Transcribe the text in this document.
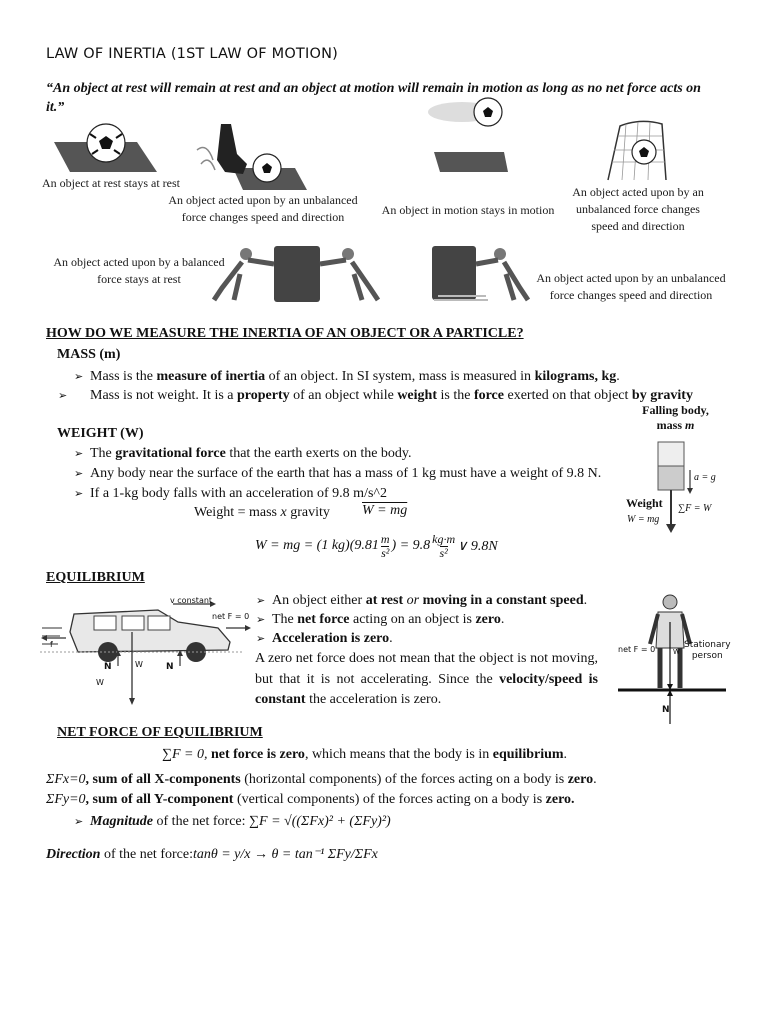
LAW OF INERTIA (1ST LAW OF MOTION)
“An object at rest will remain at rest and an object at motion will remain in motion as long as no net force acts on it.”
An object at rest stays at rest
An object acted upon by an unbalanced force changes speed and direction	An object in motion stays in motion
An object acted upon by an unbalanced force changes speed and direction
An object acted upon by a balanced force stays at rest	An object acted upon by an unbalanced force changes speed and direction
HOW DO WE MEASURE THE INERTIA OF AN OBJECT OR A PARTICLE?
MASS (m)
➢ Mass is the measure of inertia of an object. In SI system, mass is measured in kilograms, kg.
➢ Mass is not weight. It is a property of an object while weight is the force exerted on that object by gravity
WEIGHT (W)
➢ The gravitational force that the earth exerts on the body.
➢ Any body near the surface of the earth that has a mass of 1 kg must have a weight of 9.8 N.
➢ If a 1-kg body falls with an acceleration of 9.8 m/s^2
Weight = mass x gravity W = mg
W = mg = (1 kg)(9.81 m
s² ) = 9.8 kg·m
s² ∨ 9.8N
Falling body,
mass m
a = g
Weight
W = mg
∑F = W
EQUILIBRIUM
v constant
net F = 0
f
N	W	N
W
➢ An object either at rest or moving in a constant speed.
➢ The net force acting on an object is zero.
➢ Acceleration is zero.
A zero net force does not mean that the object is not moving, but that it is not accelerating. Since the velocity/speed is constant the acceleration is zero.
net F = 0	W
Stationary
person
N
NET FORCE OF EQUILIBRIUM
∑F = 0, net force is zero, which means that the body is in equilibrium.
ΣFx=0, sum of all X-components (horizontal components) of the forces acting on a body is zero.
ΣFy=0, sum of all Y-component (vertical components) of the forces acting on a body is zero.
➢ Magnitude of the net force: ∑F = √((ΣFx)² + (ΣFy)²)
Direction of the net force:tanθ = y/x → θ = tan⁻¹ ΣFy/ΣFx
